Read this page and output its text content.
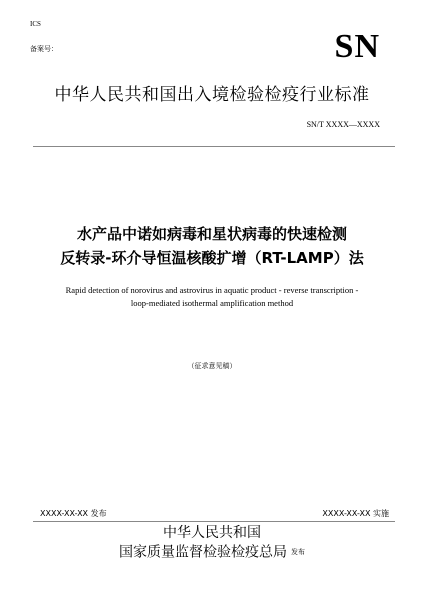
ICS
备案号：	SN
中华人民共和国出入境检验检疫行业标准
SN/T XXXX—XXXX
水产品中诺如病毒和星状病毒的快速检测
反转录-环介导恒温核酸扩增（RT-LAMP）法
Rapid detection of norovirus and astrovirus in aquatic product - reverse transcription -
loop-mediated isothermal amplification method
（征求意见稿）
XXXX-XX-XX 发布	XXXX-XX-XX 实施
中华人民共和国
国家质量监督检验检疫总局 发布
